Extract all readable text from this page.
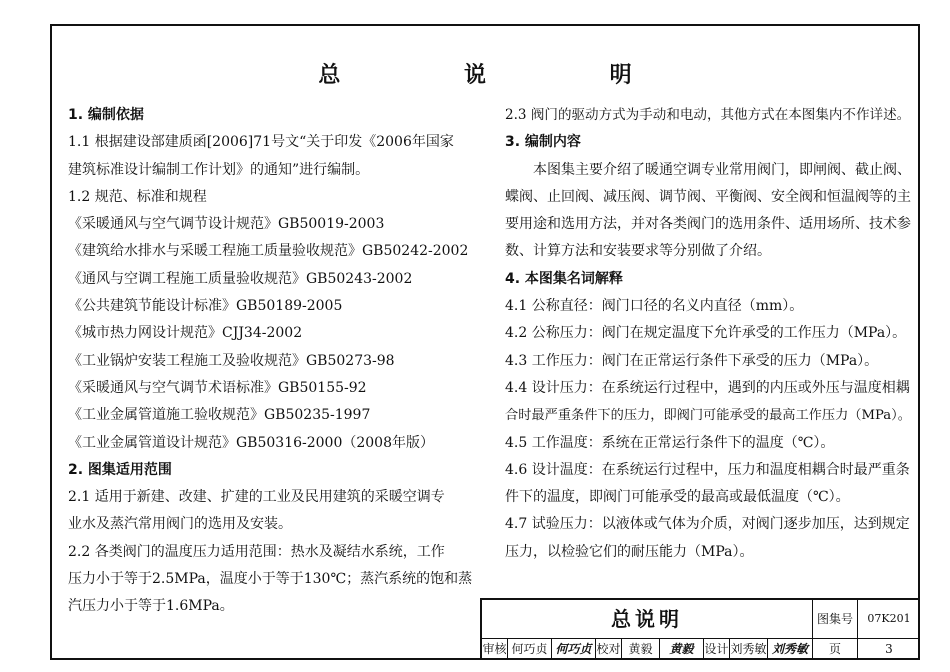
总 说 明
1. 编制依据
1.1 根据建设部建质函[2006]71号文“关于印发《2006年国家
建筑标准设计编制工作计划》的通知”进行编制。
1.2 规范、标准和规程
《采暖通风与空气调节设计规范》GB50019-2003
《建筑给水排水与采暖工程施工质量验收规范》GB50242-2002
《通风与空调工程施工质量验收规范》GB50243-2002
《公共建筑节能设计标准》GB50189-2005
《城市热力网设计规范》CJJ34-2002
《工业锅炉安装工程施工及验收规范》GB50273-98
《采暖通风与空气调节术语标准》GB50155-92
《工业金属管道施工验收规范》GB50235-1997
《工业金属管道设计规范》GB50316-2000（2008年版）
2. 图集适用范围
2.1 适用于新建、改建、扩建的工业及民用建筑的采暖空调专
业水及蒸汽常用阀门的选用及安装。
2.2 各类阀门的温度压力适用范围：热水及凝结水系统，工作
压力小于等于2.5MPa，温度小于等于130℃；蒸汽系统的饱和蒸
汽压力小于等于1.6MPa。
2.3 阀门的驱动方式为手动和电动，其他方式在本图集内不作详述。
3. 编制内容
本图集主要介绍了暖通空调专业常用阀门，即闸阀、截止阀、
蝶阀、止回阀、减压阀、调节阀、平衡阀、安全阀和恒温阀等的主
要用途和选用方法，并对各类阀门的选用条件、适用场所、技术参
数、计算方法和安装要求等分别做了介绍。
4. 本图集名词解释
4.1 公称直径：阀门口径的名义内直径（mm）。
4.2 公称压力：阀门在规定温度下允许承受的工作压力（MPa）。
4.3 工作压力：阀门在正常运行条件下承受的压力（MPa）。
4.4 设计压力：在系统运行过程中，遇到的内压或外压与温度相耦
合时最严重条件下的压力，即阀门可能承受的最高工作压力（MPa）。
4.5 工作温度：系统在正常运行条件下的温度（℃）。
4.6 设计温度：在系统运行过程中，压力和温度相耦合时最严重条
件下的温度，即阀门可能承受的最高或最低温度（℃）。
4.7 试验压力：以液体或气体为介质，对阀门逐步加压，达到规定
压力，以检验它们的耐压能力（MPa）。
总说明	图集号	07K201
审核 何巧贞 何巧贞 校对 黄毅	黄毅 设计 刘秀敏 刘秀敏	页	3
